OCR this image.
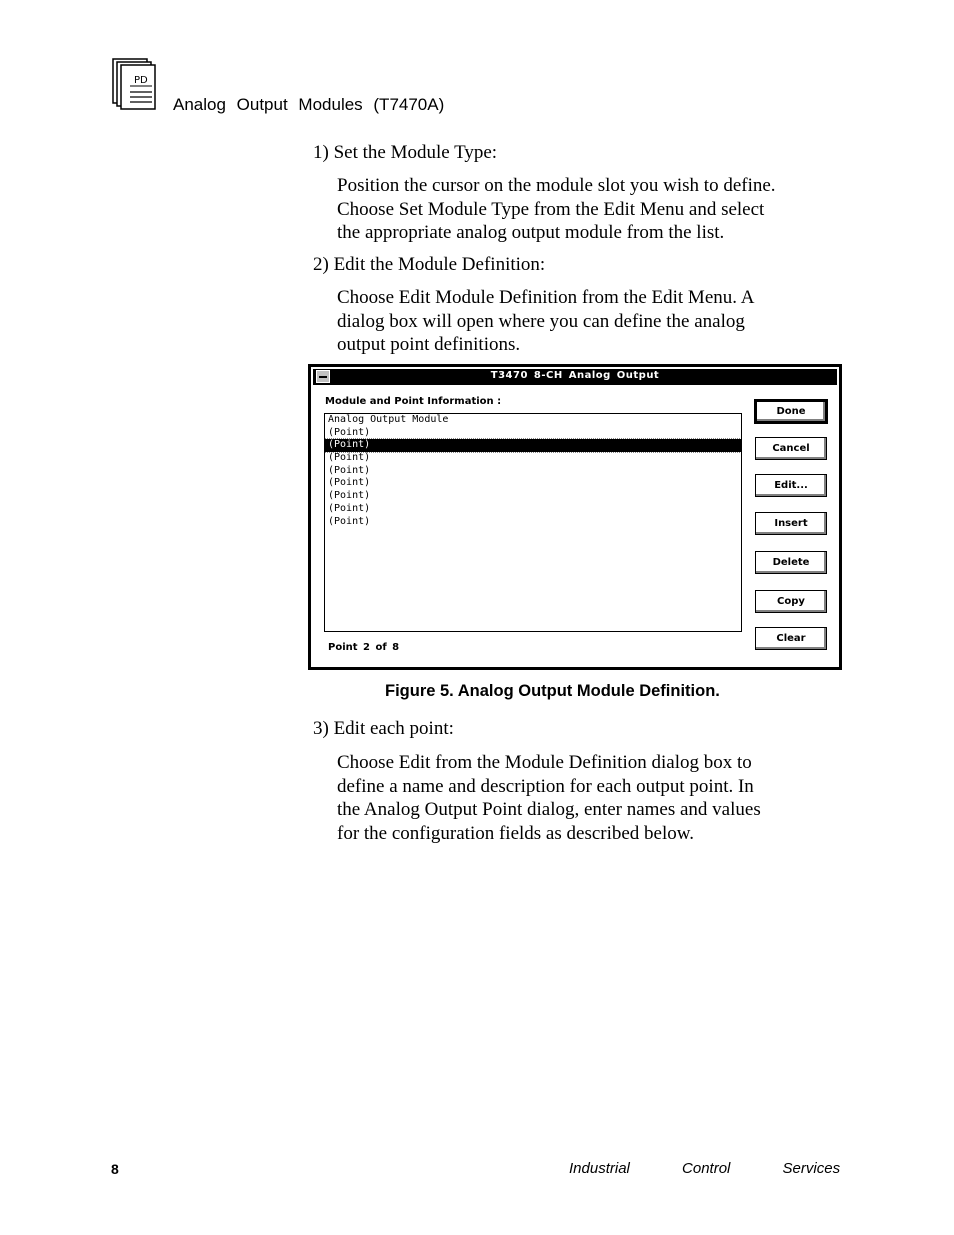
PD
Analog Output Modules (T7470A)
1) Set the Module Type:
Position the cursor on the module slot you wish to define.
Choose Set Module Type from the Edit Menu and select
the appropriate analog output module from the list.
2) Edit the Module Definition:
Choose Edit Module Definition from the Edit Menu. A
dialog box will open where you can define the analog
output point definitions.
T3470 8-CH Analog Output
Module and Point Information :
Analog Output Module
(Point)
(Point)
(Point)
(Point)
(Point)
(Point)
(Point)
(Point)
Point 2 of 8
Done
Cancel
Edit...
Insert
Delete
Copy
Clear
Figure 5. Analog Output Module Definition.
3) Edit each point:
Choose Edit from the Module Definition dialog box to
define a name and description for each output point. In
the Analog Output Point dialog, enter names and values
for the configuration fields as described below.
8	Industrial Control Services
